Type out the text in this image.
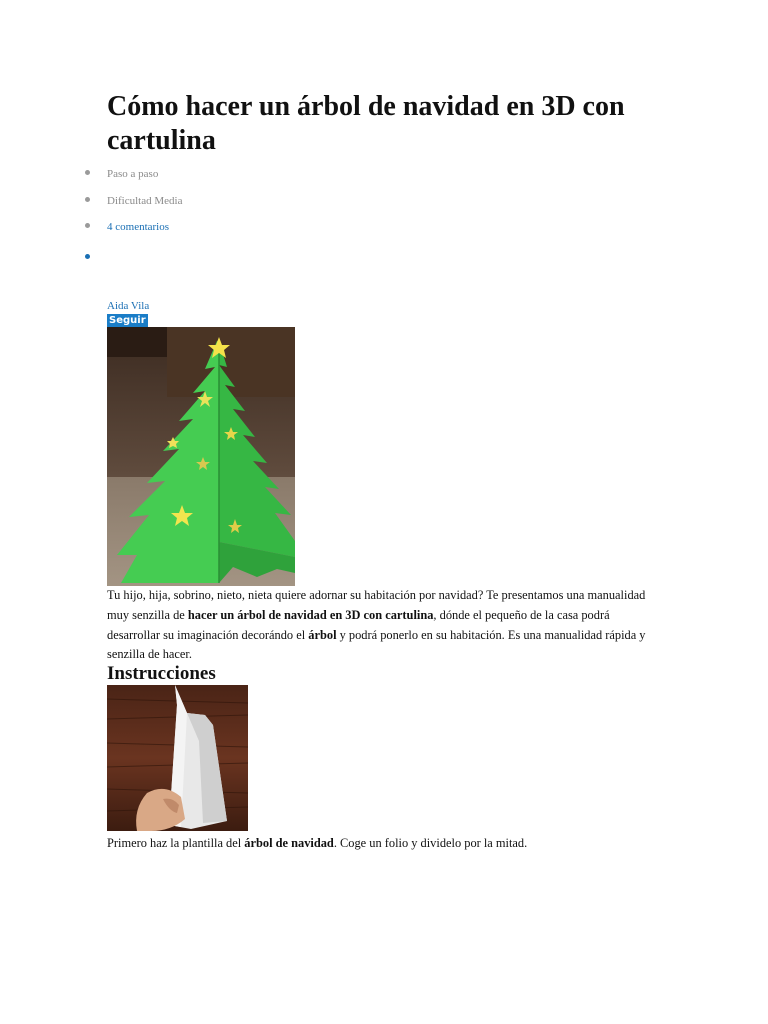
Cómo hacer un árbol de navidad en 3D con cartulina
Paso a paso
Dificultad Media
4 comentarios
Aida Vila
Seguir

Tu hijo, hija, sobrino, nieto, nieta quiere adornar su habitación por navidad? Te presentamos una manualidad muy senzilla de hacer un árbol de navidad en 3D con cartulina, dónde el pequeño de la casa podrá desarrollar su imaginación decorándo el árbol y podrá ponerlo en su habitación. Es una manualidad rápida y senzilla de hacer.

Instrucciones

Primero haz la plantilla del árbol de navidad. Coge un folio y dividelo por la mitad.
